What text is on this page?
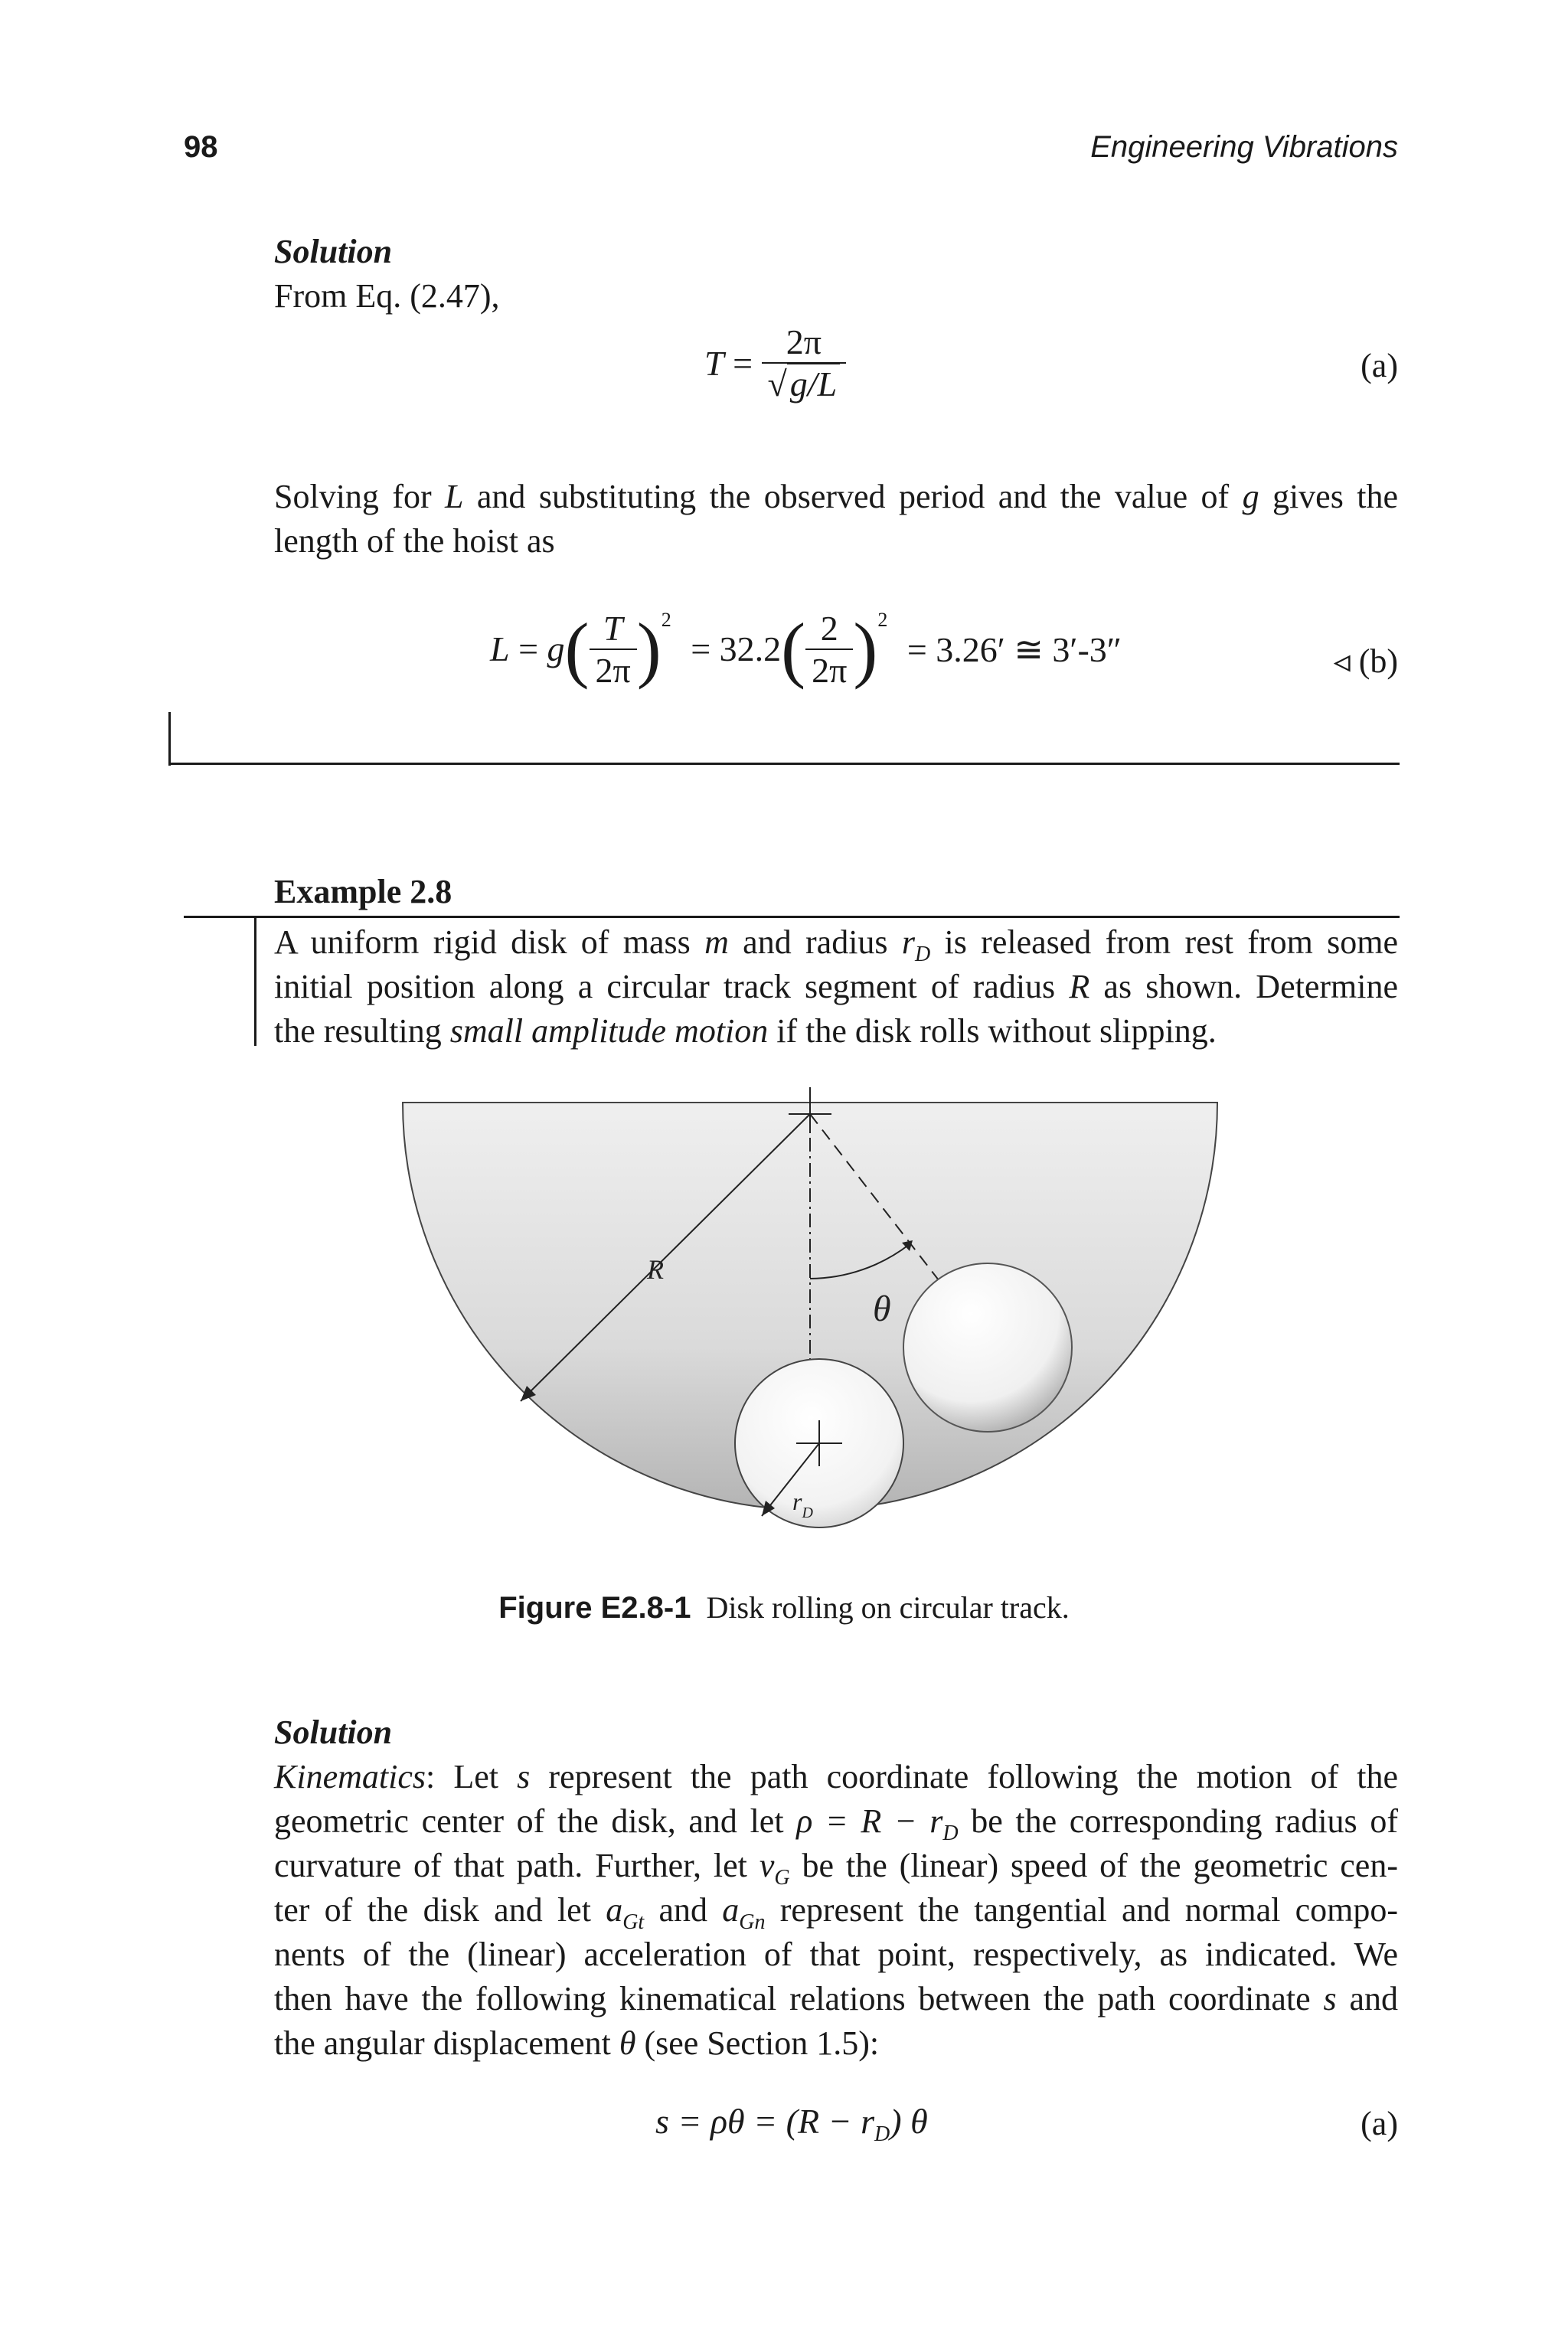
98	Engineering Vibrations
Solution
From Eq. (2.47),
$T = \frac{2\pi}{√g/L}$	(a)
Solving for L and substituting the observed period and the value of g gives the
length of the hoist as
$L = g( \frac{T}{2\pi} )^2 = 32.2( \frac{2}{2\pi} )^2 = 3.26'$ ≅ 3′-3″	◃ (b)
Example 2.8
A uniform rigid disk of mass m and radius $r_D$ is released from rest from some
initial position along a circular track segment of radius R as shown. Determine
the resulting small amplitude motion if the disk rolls without slipping.
R
θ
$r_D$
Figure E2.8-1 Disk rolling on circular track.
Solution
Kinematics: Let s represent the path coordinate following the motion of the
geometric center of the disk, and let $\rho = R - r_D$ be the corresponding radius of
curvature of that path. Further, let $v_G$ be the (linear) speed of the geometric cen-
ter of the disk and let $a_{Gt}$ and $a_{Gn}$ represent the tangential and normal compo-
nents of the (linear) acceleration of that point, respectively, as indicated. We
then have the following kinematical relations between the path coordinate s and
the angular displacement θ (see Section 1.5):
$s = \rho\theta = (R - r_D)$ θ	(a)
